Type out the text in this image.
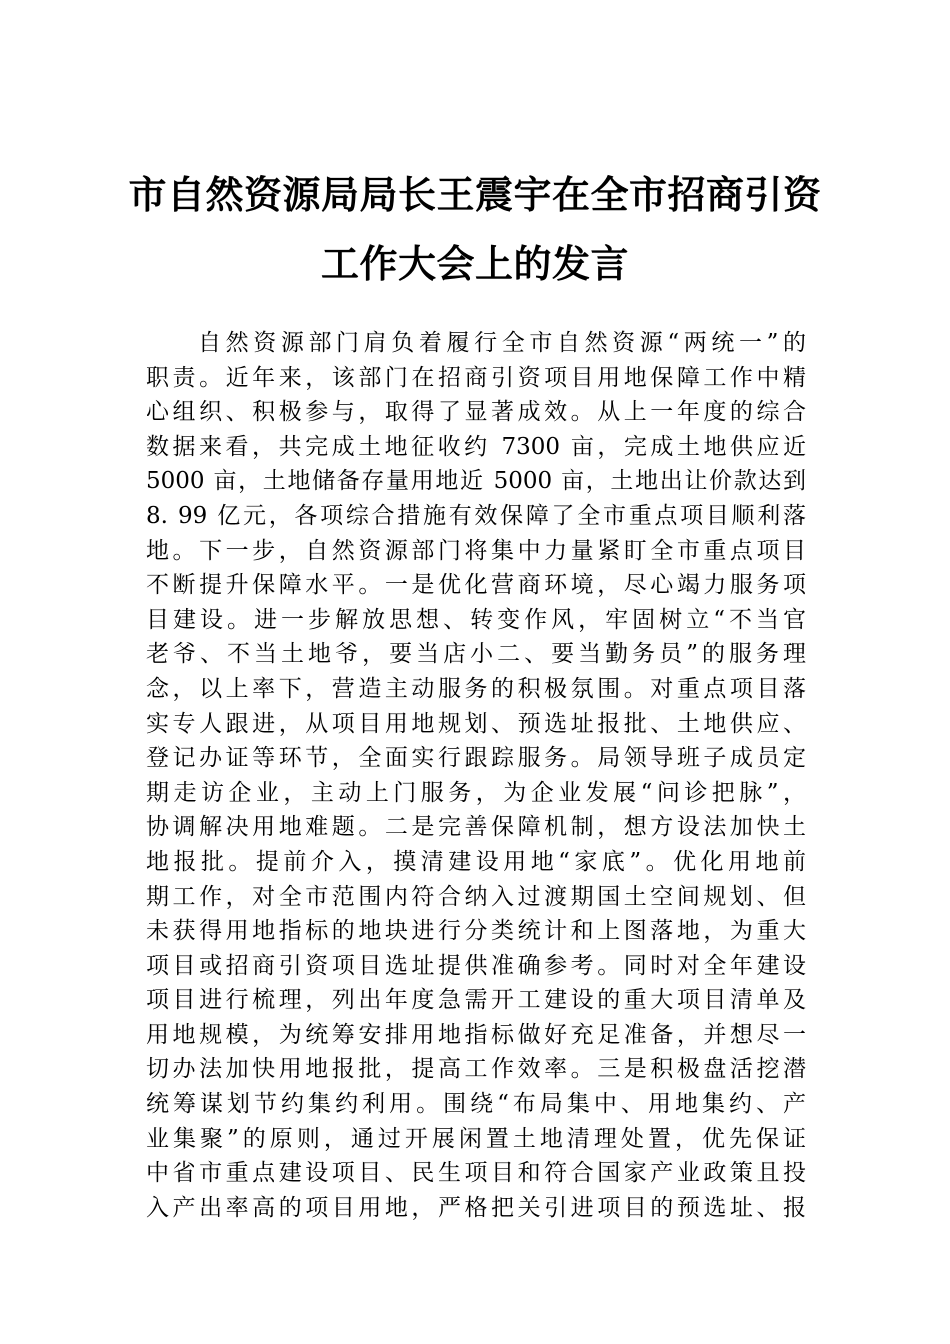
市自然资源局局长王震宇在全市招商引资
工作大会上的发言
自然资源部门肩负着履行全市自然资源“两统一”的
职责。近年来，该部门在招商引资项目用地保障工作中精
心组织、积极参与，取得了显著成效。从上一年度的综合
数据来看，共完成土地征收约 7300 亩，完成土地供应近
5000 亩，土地储备存量用地近 5000 亩，土地出让价款达到
8. 99 亿元，各项综合措施有效保障了全市重点项目顺利落
地。下一步，自然资源部门将集中力量紧盯全市重点项目
不断提升保障水平。一是优化营商环境，尽心竭力服务项
目建设。进一步解放思想、转变作风，牢固树立“不当官
老爷、不当土地爷，要当店小二、要当勤务员”的服务理
念，以上率下，营造主动服务的积极氛围。对重点项目落
实专人跟进，从项目用地规划、预选址报批、土地供应、
登记办证等环节，全面实行跟踪服务。局领导班子成员定
期走访企业，主动上门服务，为企业发展“问诊把脉”，
协调解决用地难题。二是完善保障机制，想方设法加快土
地报批。提前介入，摸清建设用地“家底”。优化用地前
期工作，对全市范围内符合纳入过渡期国土空间规划、但
未获得用地指标的地块进行分类统计和上图落地，为重大
项目或招商引资项目选址提供准确参考。同时对全年建设
项目进行梳理，列出年度急需开工建设的重大项目清单及
用地规模，为统筹安排用地指标做好充足准备，并想尽一
切办法加快用地报批，提高工作效率。三是积极盘活挖潜
统筹谋划节约集约利用。围绕“布局集中、用地集约、产
业集聚”的原则，通过开展闲置土地清理处置，优先保证
中省市重点建设项目、民生项目和符合国家产业政策且投
入产出率高的项目用地，严格把关引进项目的预选址、报
